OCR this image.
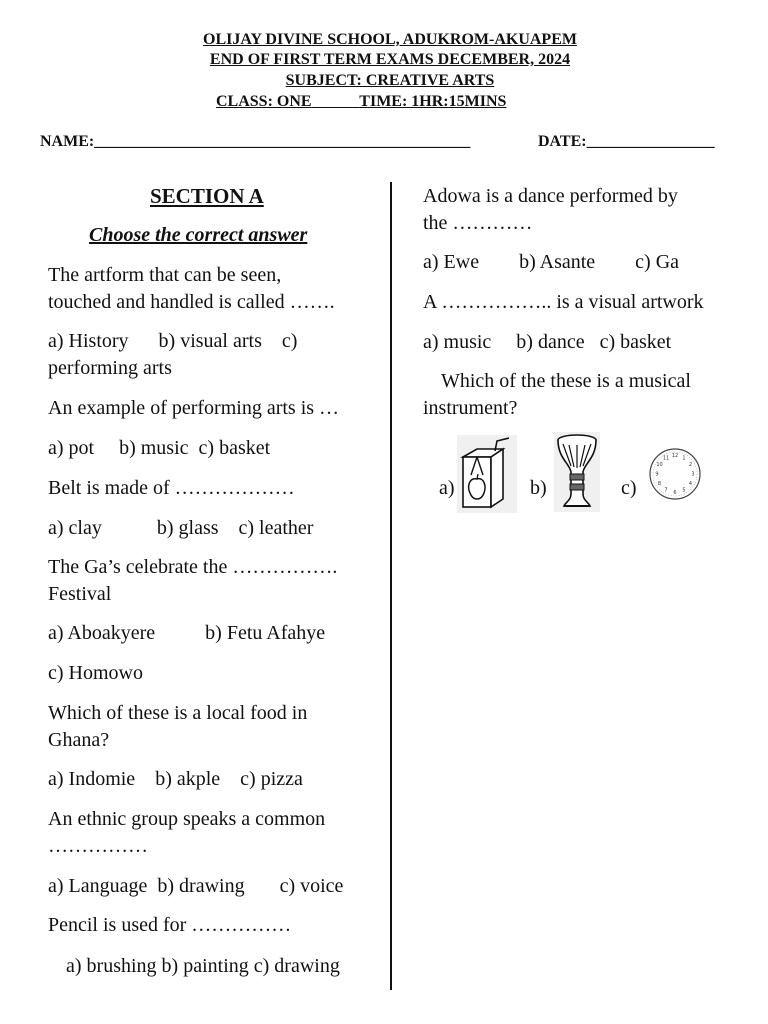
OLIJAY DIVINE SCHOOL, ADUKROM-AKUAPEM
END OF FIRST TERM EXAMS DECEMBER, 2024
SUBJECT: CREATIVE ARTS
CLASS: ONE	TIME: 1HR:15MINS
NAME:_______________________________________________	DATE:________________
SECTION A
Choose the correct answer
The artform that can be seen,
touched and handled is called …….
a) History      b) visual arts    c)
performing arts
An example of performing arts is …
a) pot     b) music  c) basket
Belt is made of ………………
a) clay           b) glass    c) leather
The Ga’s celebrate the …………….
Festival
a) Aboakyere          b) Fetu Afahye
c) Homowo
Which of these is a local food in
Ghana?
a) Indomie    b) akple    c) pizza
An ethnic group speaks a common
……………
a) Language  b) drawing       c) voice
Pencil is used for ……………
a) brushing b) painting c) drawing
Adowa is a dance performed by
the …………
a) Ewe        b) Asante        c) Ga
A …………….. is a visual artwork
a) music     b) dance   c) basket
Which of the these is a musical
instrument?
a)	b)	c)
12 1
2
3
4
5
6
7
8
9
10
11
